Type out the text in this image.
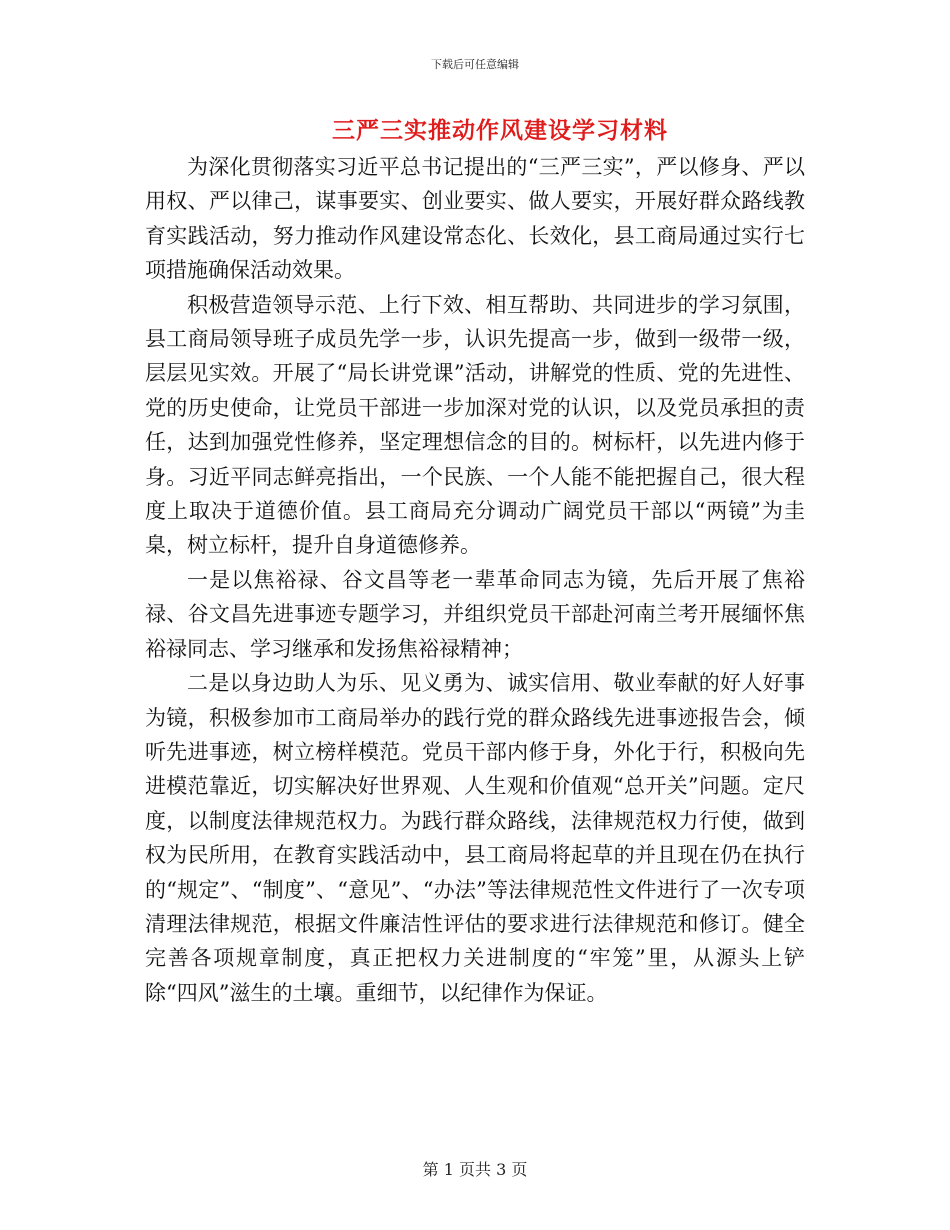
下载后可任意编辑
三严三实推动作风建设学习材料

为深化贯彻落实习近平总书记提出的“三严三实”，严以修身、严以用权、严以律己，谋事要实、创业要实、做人要实，开展好群众路线教育实践活动，努力推动作风建设常态化、长效化，县工商局通过实行七项措施确保活动效果。

积极营造领导示范、上行下效、相互帮助、共同进步的学习氛围，县工商局领导班子成员先学一步，认识先提高一步，做到一级带一级，层层见实效。开展了“局长讲党课”活动，讲解党的性质、党的先进性、党的历史使命，让党员干部进一步加深对党的认识，以及党员承担的责任，达到加强党性修养，坚定理想信念的目的。树标杆，以先进内修于身。习近平同志鲜亮指出，一个民族、一个人能不能把握自己，很大程度上取决于道德价值。县工商局充分调动广阔党员干部以“两镜”为圭臬，树立标杆，提升自身道德修养。

一是以焦裕禄、谷文昌等老一辈革命同志为镜，先后开展了焦裕禄、谷文昌先进事迹专题学习，并组织党员干部赴河南兰考开展缅怀焦裕禄同志、学习继承和发扬焦裕禄精神；

二是以身边助人为乐、见义勇为、诚实信用、敬业奉献的好人好事为镜，积极参加市工商局举办的践行党的群众路线先进事迹报告会，倾听先进事迹，树立榜样模范。党员干部内修于身，外化于行，积极向先进模范靠近，切实解决好世界观、人生观和价值观“总开关”问题。定尺度，以制度法律规范权力。为践行群众路线，法律规范权力行使，做到权为民所用，在教育实践活动中，县工商局将起草的并且现在仍在执行的“规定”、“制度”、“意见”、“办法”等法律规范性文件进行了一次专项清理法律规范，根据文件廉洁性评估的要求进行法律规范和修订。健全完善各项规章制度，真正把权力关进制度的“牢笼”里，从源头上铲除“四风”滋生的土壤。重细节，以纪律作为保证。

第 1 页共 3 页
